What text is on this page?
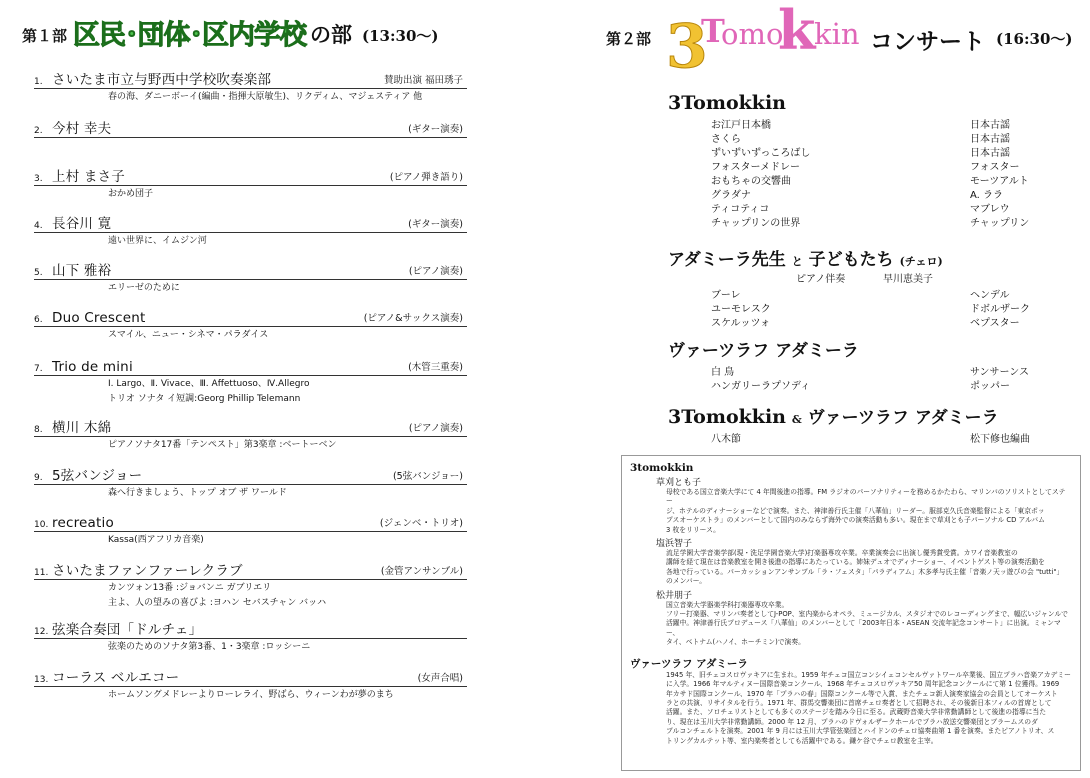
第１部 区民･団体･区内学校 の部 (13:30～)
1. さいたま市立与野西中学校吹奏楽部	賛助出演 福田琇子
春の海、ダニーボーイ(編曲・指揮大原敏生)、リクディム、マジェスティア 他
2. 今村 幸夫	(ギター演奏)
3. 上村 まさ子	(ピアノ弾き語り)
おかめ団子
4. 長谷川 寛	(ギター演奏)
遠い世界に、イムジン河
5. 山下 雅裕	(ピアノ演奏)
エリーゼのために
6. Duo Crescent	(ピアノ&サックス演奏)
スマイル、ニュー・シネマ・パラダイス
7. Trio de mini	(木管三重奏)
Ⅰ. Largo、Ⅱ. Vivace、Ⅲ. Affettuoso、Ⅳ.Allegro
トリオ ソナタ イ短調:Georg Phillip Telemann
8. 横川 木綿	(ピアノ演奏)
ピアノソナタ17番「テンペスト」第3楽章 :ベートーベン
9. 5弦バンジョー	(5弦バンジョー)
森へ行きましょう、トップ オブ ザ ワールド
10. recreatio	(ジェンベ・トリオ)
Kassa(西アフリカ音楽)
11. さいたまファンファーレクラブ	(金管アンサンブル)
カンツォン13番 :ジョバンニ ガブリエリ
主よ、人の望みの喜びよ :ヨハン セバスチャン バッハ
12. 弦楽合奏団「ドルチェ」
弦楽のためのソナタ第3番、1・3楽章 :ロッシーニ
13. コーラス ベルエコー	(女声合唱)
ホームソングメドレーよりローレライ、野ばら、ウィーンわが夢のまち
第２部 3
T
omo
k
kin コンサート (16:30～)
3Tomokkin
お江戸日本橋	日本古謡
さくら	日本古謡
ずいずいずっころばし	日本古謡
フォスターメドレー	フォスター
おもちゃの交響曲	モーツアルト
グラダナ	A. ララ
ティコティコ	マブレウ
チャップリンの世界	チャップリン
アダミーラ先生 と 子どもたち (チェロ)
ピアノ伴奏	早川恵美子
ブーレ	ヘンデル
ユーモレスク	ドボルザーク
スケルッツォ	ベプスター
ヴァーツラフ アダミーラ
白 鳥	サンサーンス
ハンガリーラプソディ	ポッパー
3Tomokkin & ヴァーツラフ アダミーラ
八木節	松下修也編曲
3tomokkin
草刈とも子
母校である国立音楽大学にて 4 年間後進の指導。FM ラジオのパーソナリティーを務めるかたわら、マリンバのソリストとしてステー
ジ、ホテルのディナーショーなどで演奏。また、神津善行氏主催「八華仙」リーダー。服部克久氏音楽監督による「東京ポッ
プスオーケストラ」のメンバーとして国内のみならず海外での演奏活動も多い。現在まで草刈とも子パーソナル CD アルバム
3 枚をリリース。
塩浜智子
流足学園大学音楽学部(現・洗足学園音楽大学)打楽器専攻卒業。卒業演奏会に出演し優秀賞受賞。カワイ音楽教室の
講師を経て現在は音楽教室を開き後進の指導にあたっている。姉妹デュオでディナーショー、イベントゲスト等の演奏活動を
各地で行っている。パーカッションアンサンブル「ラ・フェスタ」「パラディアム」木多孝与氏主催「音楽ノ天ッ遊びの会 "tutti"」
のメンバー。
松井朋子
国立音楽大学器楽学科打楽器専攻卒業。
フリー打楽器、マリンバ奏者としてJ-POP、室内楽からオペラ、ミュージカル、スタジオでのレコーディングまで、幅広いジャンルで
活躍中。神津善行氏プロデュース「八華仙」のメンバーとして「2003年日本・ASEAN 交流年記念コンサート」に出演。ミャンマー、
タイ、ベトナム(ハノイ、ホーチミン)で演奏。
ヴァーツラフ アダミーラ
1945 年、旧チェコスロヴァキアに生まれ。1959 年チェコ国立コンシイェコンセルヴァトワール卒業後、国立プラハ音楽アカデミー
に入学。1966 年マルティヌー国際音楽コンクール、1968 年チェコスロヴァキア50 周年記念コンクールにて第 1 位獲得。1969
年カサド国際コンクール、1970 年「プラハの春」国際コンクール等で入賞、またチェコ新人演奏家協会の会員としてオーケスト
ラとの共演、リサイタルを行う。1971 年、群馬交響楽団に首席チェロ奏者として招聘され、その後新日本フィルの首席として
活躍。また、ソロチェリストとしても多くのステージを踏み今日に至る。武蔵野音楽大学非常勤講師として後進の指導に当た
り、現在は玉川大学非常勤講師。2000 年 12 月、プラハのドヴォルザークホールでプラハ放送交響楽団とブラームスのダ
ブルコンチェルトを演奏。2001 年 9 月には玉川大学管弦楽団とハイドンのチェロ協奏曲第 1 番を演奏。またピアノトリオ、ス
トリングカルテット等、室内楽奏者としても活躍中である。鎌ケ谷でチェロ教室を主宰。
